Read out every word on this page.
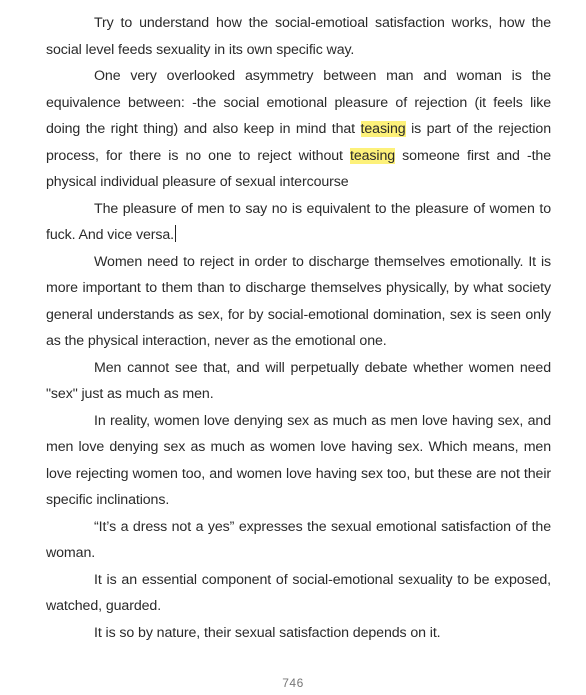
Try to understand how the social-emotioal satisfaction works, how the social level feeds sexuality in its own specific way.

One very overlooked asymmetry between man and woman is the equivalence between: -the social emotional pleasure of rejection (it feels like doing the right thing) and also keep in mind that teasing is part of the rejection process, for there is no one to reject without teasing someone first and -the physical individual pleasure of sexual intercourse

The pleasure of men to say no is equivalent to the pleasure of women to fuck. And vice versa.

Women need to reject in order to discharge themselves emotionally. It is more important to them than to discharge themselves physically, by what society general understands as sex, for by social-emotional domination, sex is seen only as the physical interaction, never as the emotional one.

Men cannot see that, and will perpetually debate whether women need "sex" just as much as men.

In reality, women love denying sex as much as men love having sex, and men love denying sex as much as women love having sex. Which means, men love rejecting women too, and women love having sex too, but these are not their specific inclinations.

“It’s a dress not a yes” expresses the sexual emotional satisfaction of the woman.

It is an essential component of social-emotional sexuality to be exposed, watched, guarded.

It is so by nature, their sexual satisfaction depends on it.

746
